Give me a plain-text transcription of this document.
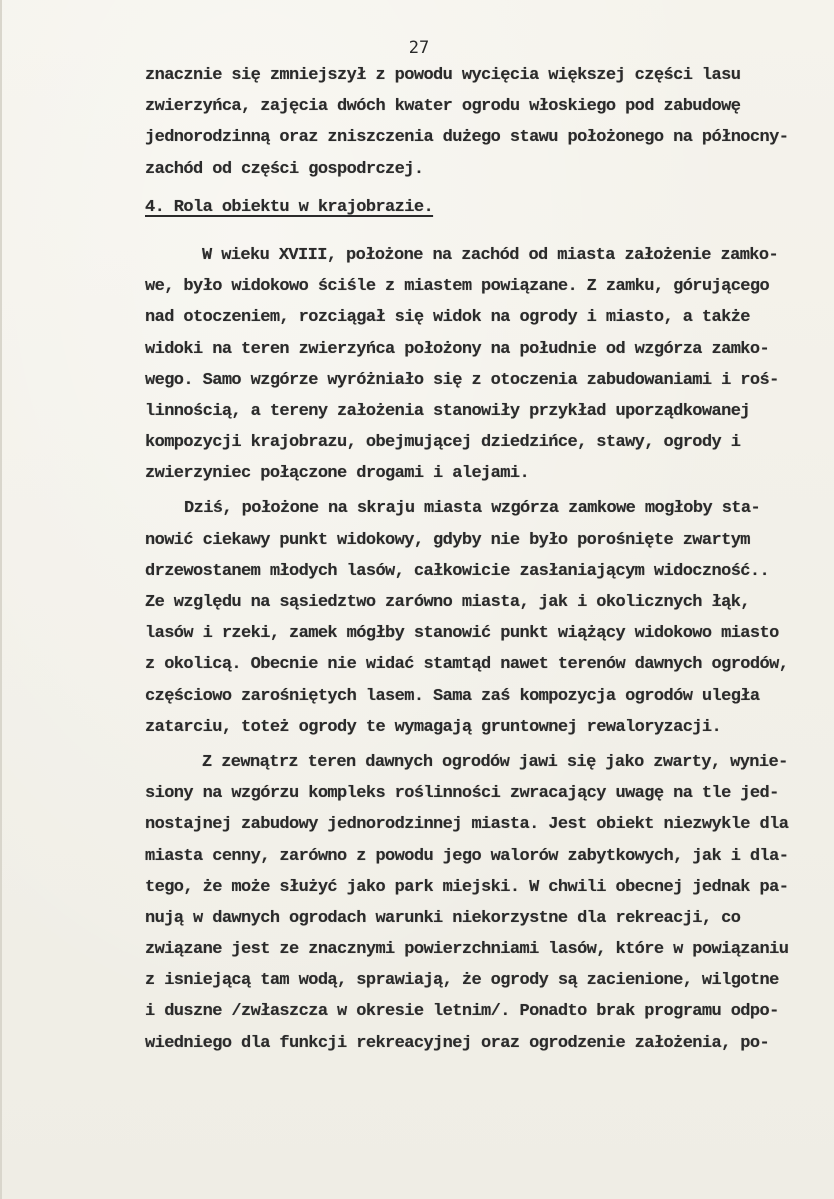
27

znacznie się zmniejszył z powodu wycięcia większej części lasu
zwierzyńca, zajęcia dwóch kwater ogrodu włoskiego pod zabudowę
jednorodzinną oraz zniszczenia dużego stawu położonego na północny-
zachód od części gospodrczej.
4. Rola obiektu w krajobrazie.
W wieku XVIII, położone na zachód od miasta założenie zamko-
we, było widokowo ściśle z miastem powiązane. Z zamku, górującego
nad otoczeniem, rozciągał się widok na ogrody i miasto, a także
widoki na teren zwierzyńca położony na południe od wzgórza zamko-
wego. Samo wzgórze wyróżniało się z otoczenia zabudowaniami i roś-
linnością, a tereny założenia stanowiły przykład uporządkowanej
kompozycji krajobrazu, obejmującej dziedzińce, stawy, ogrody i
zwierzyniec połączone drogami i alejami.
Dziś, położone na skraju miasta wzgórza zamkowe mogłoby sta-
nowić ciekawy punkt widokowy, gdyby nie było porośnięte zwartym
drzewostanem młodych lasów, całkowicie zasłaniającym widoczność..
Ze względu na sąsiedztwo zarówno miasta, jak i okolicznych łąk,
lasów i rzeki, zamek mógłby stanowić punkt wiążący widokowo miasto
z okolicą. Obecnie nie widać stamtąd nawet terenów dawnych ogrodów,
częściowo zarośniętych lasem. Sama zaś kompozycja ogrodów uległa
zatarciu, toteż ogrody te wymagają gruntownej rewaloryzacji.
Z zewnątrz teren dawnych ogrodów jawi się jako zwarty, wynie-
siony na wzgórzu kompleks roślinności zwracający uwagę na tle jed-
nostajnej zabudowy jednorodzinnej miasta. Jest obiekt niezwykle dla
miasta cenny, zarówno z powodu jego walorów zabytkowych, jak i dla-
tego, że może służyć jako park miejski. W chwili obecnej jednak pa-
nują w dawnych ogrodach warunki niekorzystne dla rekreacji, co
związane jest ze znacznymi powierzchniami lasów, które w powiązaniu
z isniejącą tam wodą, sprawiają, że ogrody są zacienione, wilgotne
i duszne /zwłaszcza w okresie letnim/. Ponadto brak programu odpo-
wiedniego dla funkcji rekreacyjnej oraz ogrodzenie założenia, po-
